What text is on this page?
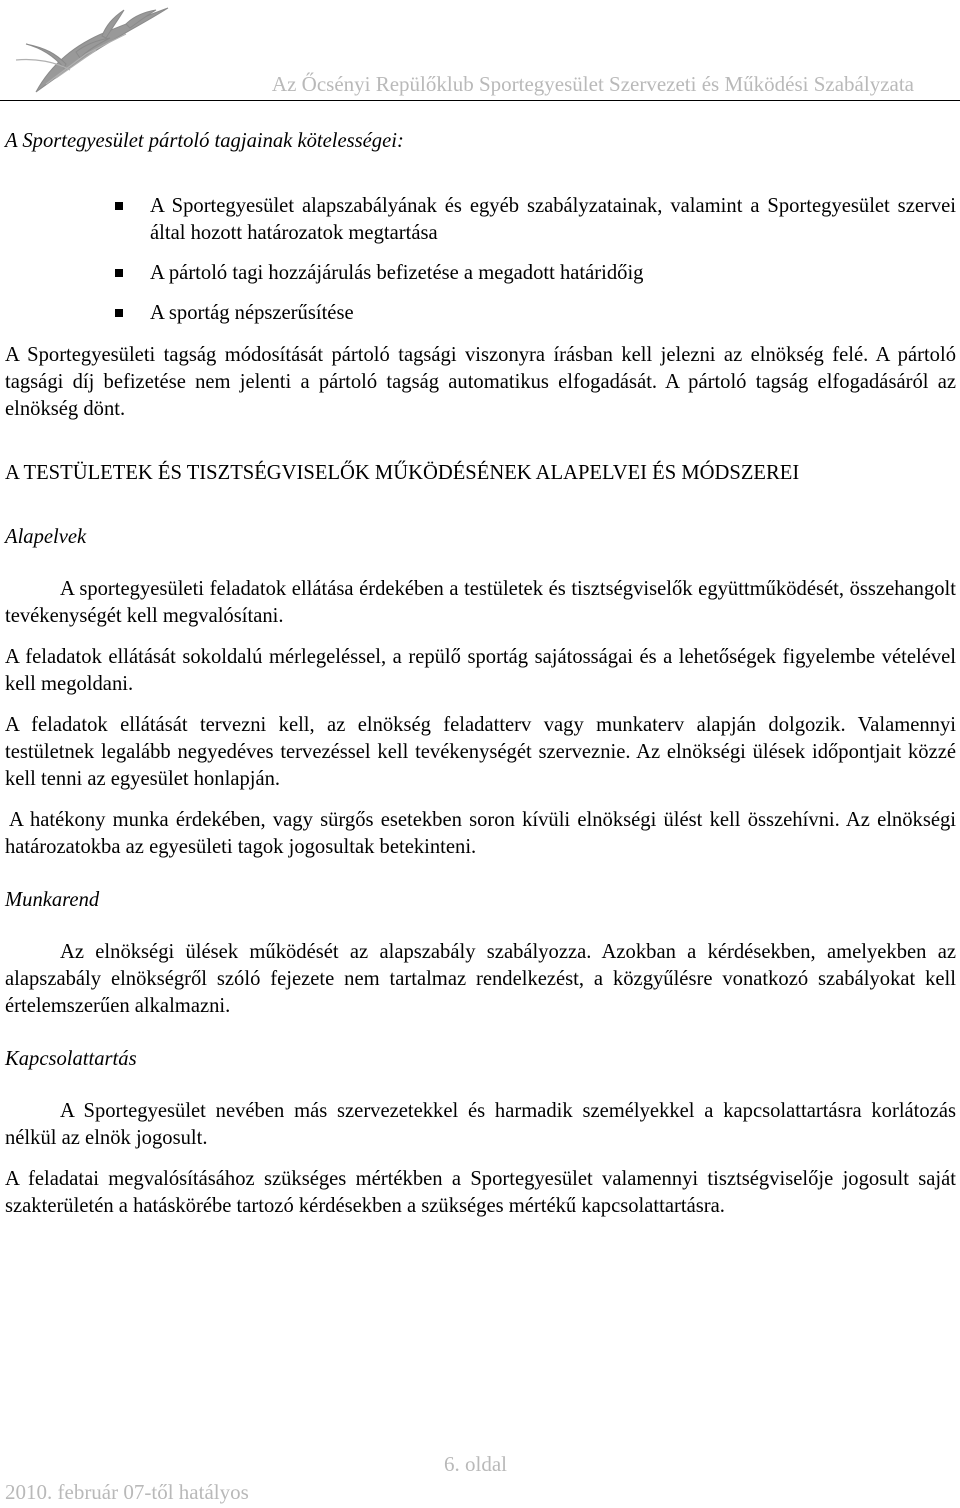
Az Őcsényi Repülőklub Sportegyesület Szervezeti és Működési Szabályzata

A Sportegyesület pártoló tagjainak kötelességei:

A Sportegyesület alapszabályának és egyéb szabályzatainak, valamint a Sportegyesület szervei által hozott határozatok megtartása
A pártoló tagi hozzájárulás befizetése a megadott határidőig
A sportág népszerűsítése

A Sportegyesületi tagság módosítását pártoló tagsági viszonyra írásban kell jelezni az elnökség felé. A pártoló tagsági díj befizetése nem jelenti a pártoló tagság automatikus elfogadását. A pártoló tagság elfogadásáról az elnökség dönt.

A TESTÜLETEK ÉS TISZTSÉGVISELŐK MŰKÖDÉSÉNEK ALAPELVEI ÉS MÓDSZEREI

Alapelvek

A sportegyesületi feladatok ellátása érdekében a testületek és tisztségviselők együttműködését, összehangolt tevékenységét kell megvalósítani.

A feladatok ellátását sokoldalú mérlegeléssel, a repülő sportág sajátosságai és a lehetőségek figyelembe vételével kell megoldani.

A feladatok ellátását tervezni kell, az elnökség feladatterv vagy munkaterv alapján dolgozik. Valamennyi testületnek legalább negyedéves tervezéssel kell tevékenységét szerveznie. Az elnökségi ülések időpontjait közzé kell tenni az egyesület honlapján.

A hatékony munka érdekében, vagy sürgős esetekben soron kívüli elnökségi ülést kell összehívni. Az elnökségi határozatokba az egyesületi tagok jogosultak betekinteni.

Munkarend

Az elnökségi ülések működését az alapszabály szabályozza. Azokban a kérdésekben, amelyekben az alapszabály elnökségről szóló fejezete nem tartalmaz rendelkezést, a közgyűlésre vonatkozó szabályokat kell értelemszerűen alkalmazni.

Kapcsolattartás

A Sportegyesület nevében más szervezetekkel és harmadik személyekkel a kapcsolattartásra korlátozás nélkül az elnök jogosult.

A feladatai megvalósításához szükséges mértékben a Sportegyesület valamennyi tisztségviselője jogosult saját szakterületén a hatáskörébe tartozó kérdésekben a szükséges mértékű kapcsolattartásra.

6. oldal
2010. február 07-től hatályos
